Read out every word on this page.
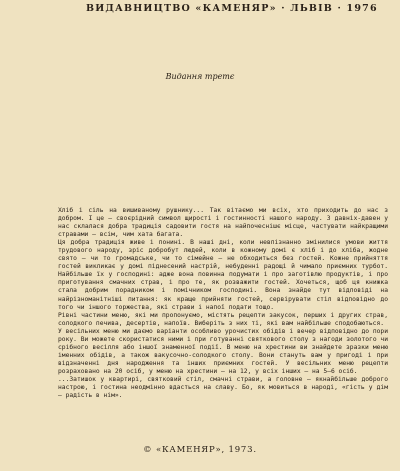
ВИДАВНИЦТВО «КАМЕНЯР» · ЛЬВІВ · 1976
Видання третє

Хліб і сіль на вишиваному рушнику... Так вітаємо ми всіх, хто приходить до нас з добром. І це — своєрідний символ щирості і гостинності нашого народу. З давніх-давен у нас склалася добра традиція садовити гостя на найпочеснішє місце, частувати найкращими стравами — всім, чим хата багата.

Ця добра традиція живе і понині. В наші дні, коли невпізнанно змінилися умови життя трудового народу, зріс добробут людей, коли в кожному домі є хліб і до хліба, жодне свято — чи то громадське, чи то сімейне — не обходиться без гостей. Кожне прийняття гостей викликає у домі піднесений настрій, небуденні радощі й чимало приємних турбот. Найбільше їх у господині: адже вона повинна подумати і про заготівлю продуктів, і про приготування смачних страв, і про те, як розважити гостей. Хочеться, щоб ця книжка стала добрим порадником і помічником господині. Вона знайде тут відповіді на найрізноманітніші питання: як краще прийняти гостей, сервірувати стіл відповідно до того чи іншого торжества, які страви і напої подати тощо.

Рівні частини меню, які ми пропонуємо, містять рецепти закусок, перших і других страв, солодкого печива, десертів, напоїв. Виберіть з них ті, які вам найбільше сподобаються.

У весільних меню ми даємо варіанти особливо урочистих обідів і вечер відповідно до пори року. Ви можете скористатися ними і при готуванні святкового столу з нагоди золотого чи срібного весілля або іншої знаменної події. В меню на хрестини ви знайдете зразки меню іменних обідів, а також вакусочно-солодкого столу. Вони стануть вам у пригоді і при відзначенні дня народження та інших приємних гостей. У весільних меню рецепти розраховано на 20 осіб, у меню на хрестини — на 12, у всіх інших — на 5—6 осіб.

...Затишок у квартирі, святковий стіл, смачні страви, а головне — якнайбільше доброго настрою, і гостина неодмінно вдасться на славу. Бо, як мовиться в народі, «гість у дім — радість в нім».

© «КАМЕНЯР», 1973.
